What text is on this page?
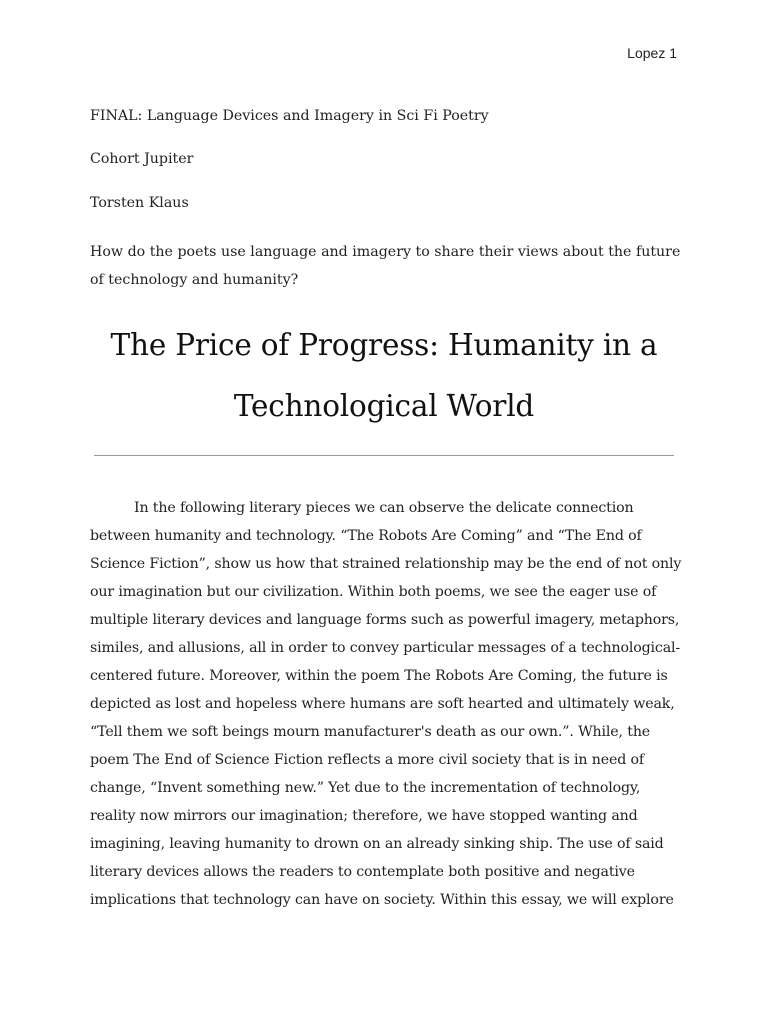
Lopez 1

FINAL: Language Devices and Imagery in Sci Fi Poetry

Cohort Jupiter

Torsten Klaus

How do the poets use language and imagery to share their views about the future of technology and humanity?

The Price of Progress: Humanity in a Technological World

In the following literary pieces we can observe the delicate connection between humanity and technology. “The Robots Are Coming” and “The End of Science Fiction”, show us how that strained relationship may be the end of not only our imagination but our civilization. Within both poems, we see the eager use of multiple literary devices and language forms such as powerful imagery, metaphors, similes, and allusions, all in order to convey particular messages of a technological-centered future. Moreover, within the poem The Robots Are Coming, the future is depicted as lost and hopeless where humans are soft hearted and ultimately weak, “Tell them we soft beings mourn manufacturer's death as our own.”. While, the poem The End of Science Fiction reflects a more civil society that is in need of change, “Invent something new.” Yet due to the incrementation of technology, reality now mirrors our imagination; therefore, we have stopped wanting and imagining, leaving humanity to drown on an already sinking ship. The use of said literary devices allows the readers to contemplate both positive and negative implications that technology can have on society. Within this essay, we will explore
